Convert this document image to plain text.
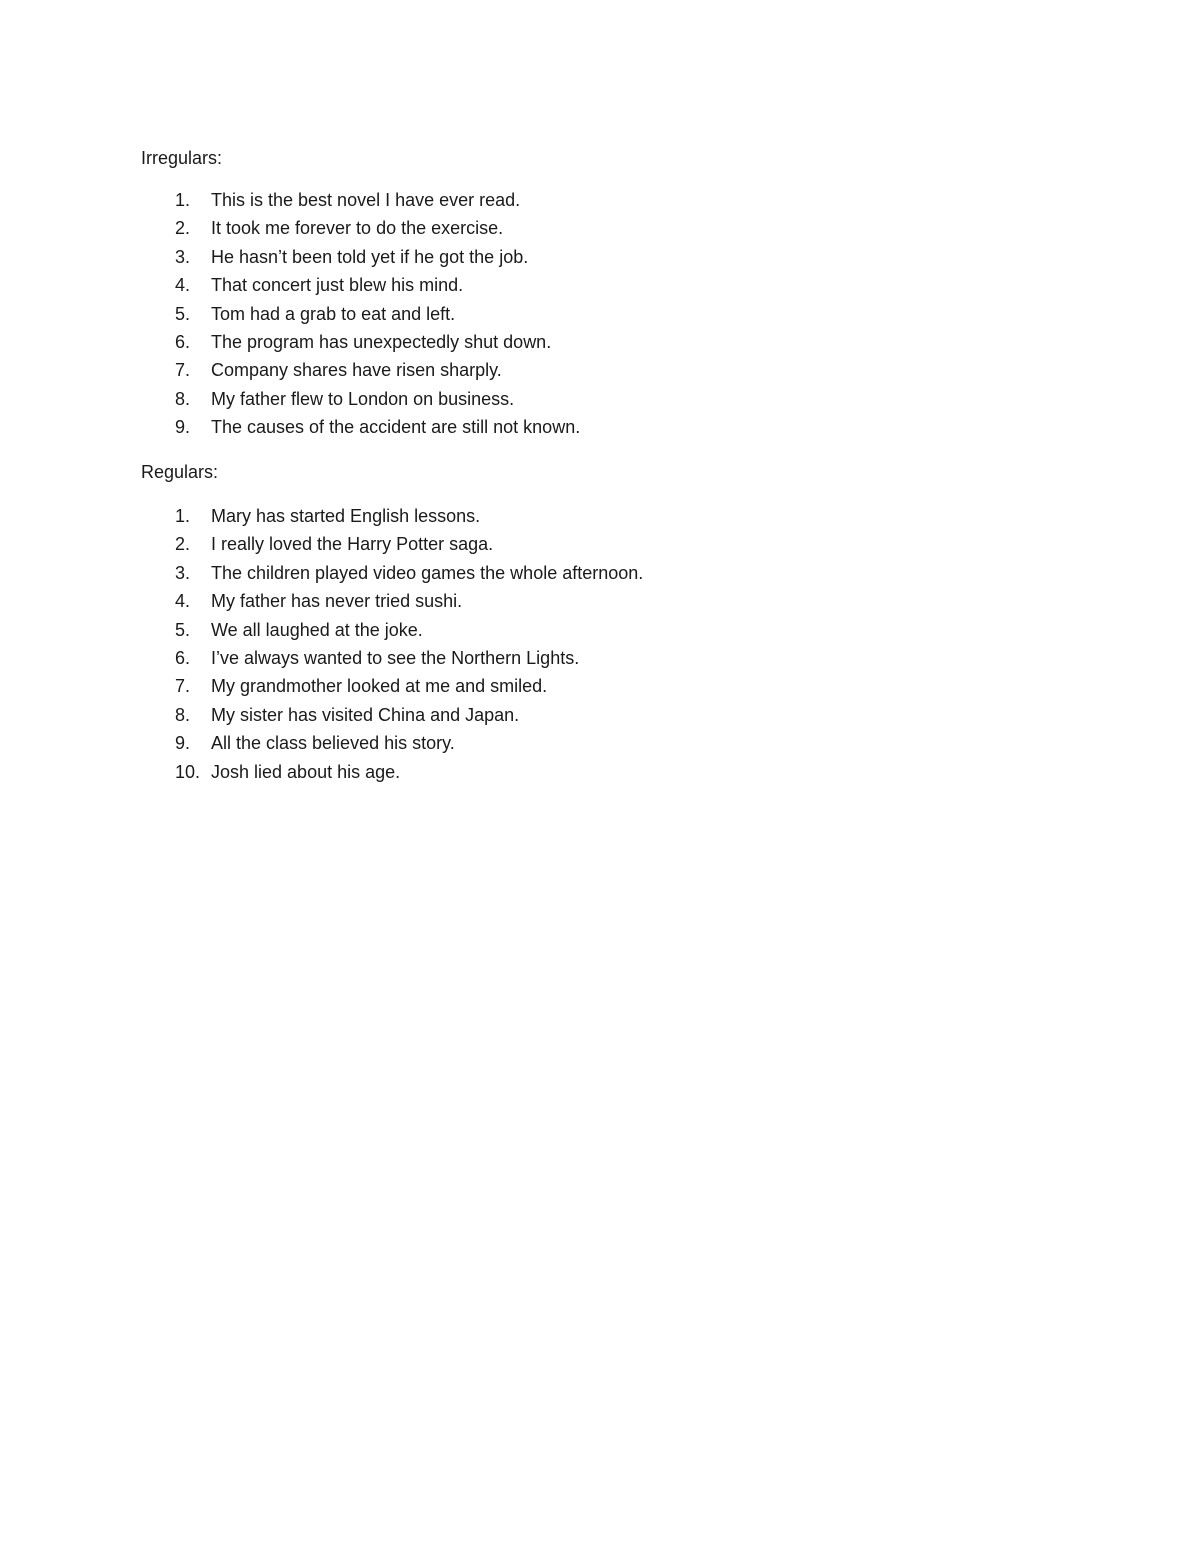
Irregulars:

1.	This is the best novel I have ever read.
2.	It took me forever to do the exercise.
3.	He hasn’t been told yet if he got the job.
4.	That concert just blew his mind.
5.	Tom had a grab to eat and left.
6.	The program has unexpectedly shut down.
7.	Company shares have risen sharply.
8.	My father flew to London on business.
9.	The causes of the accident are still not known.

Regulars:

1.	Mary has started English lessons.
2.	I really loved the Harry Potter saga.
3.	The children played video games the whole afternoon.
4.	My father has never tried sushi.
5.	We all laughed at the joke.
6.	I’ve always wanted to see the Northern Lights.
7.	My grandmother looked at me and smiled.
8.	My sister has visited China and Japan.
9.	All the class believed his story.
10. Josh lied about his age.
